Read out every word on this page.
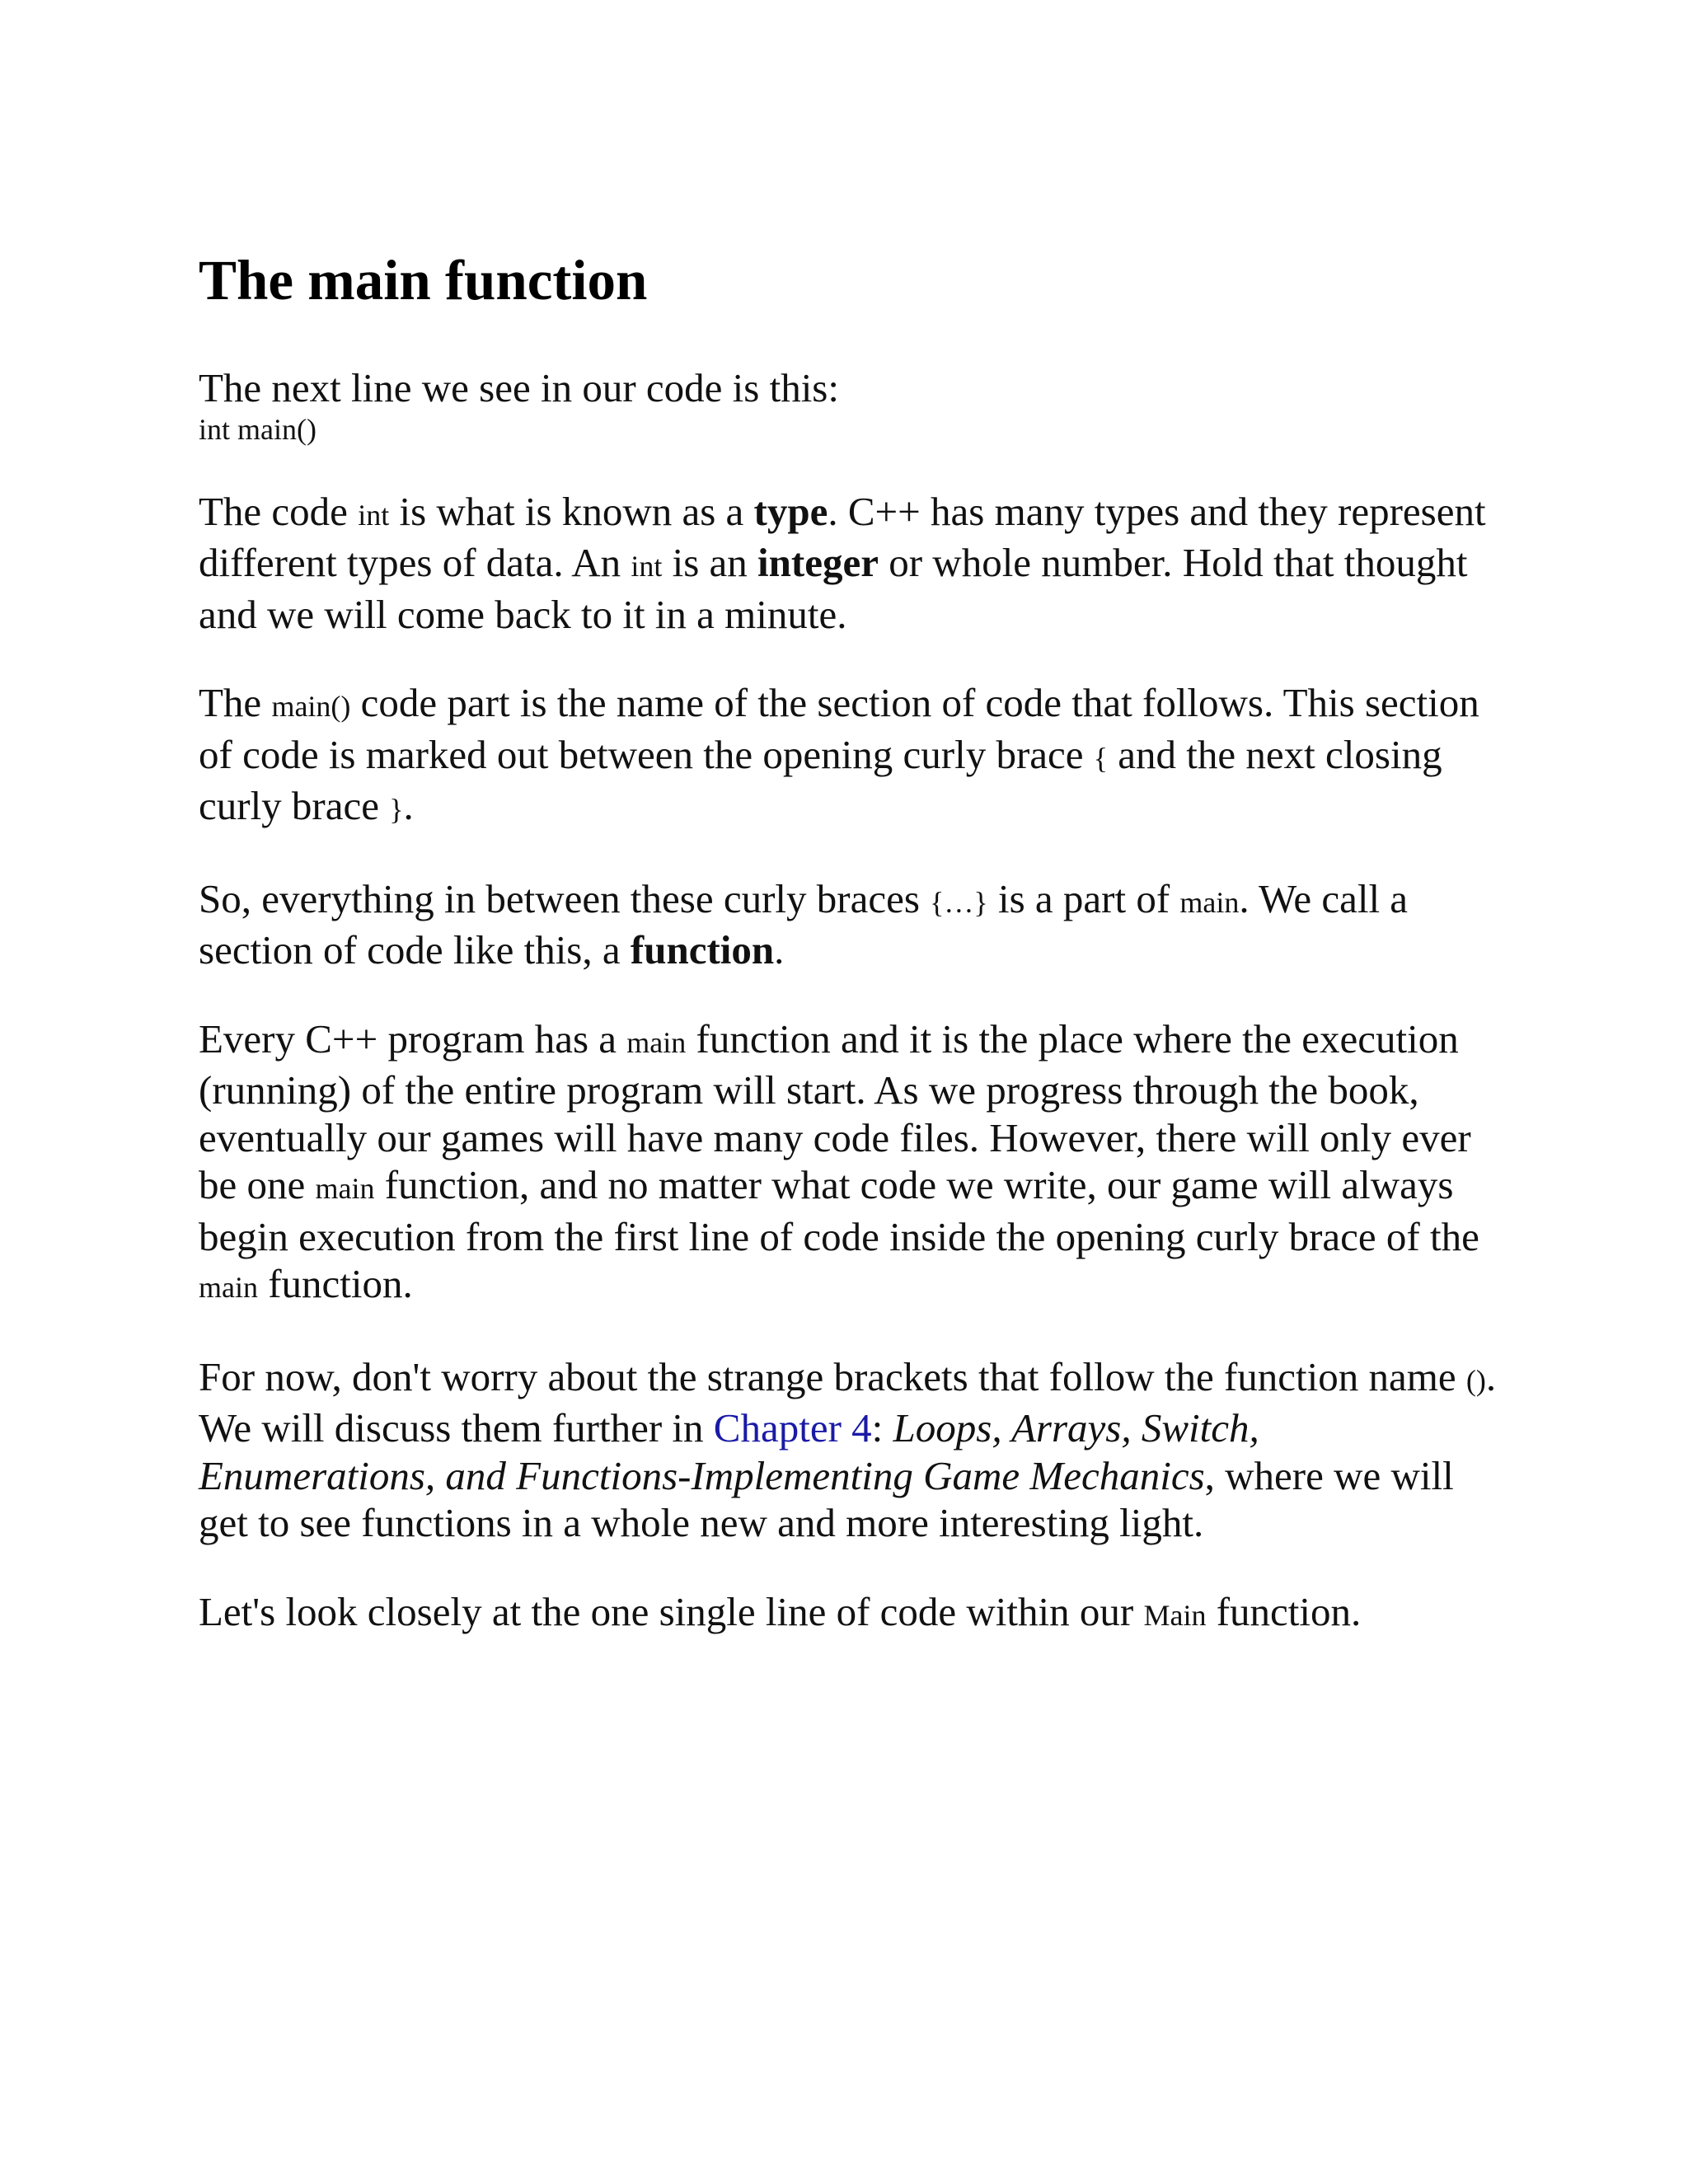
The main function

The next line we see in our code is this:

int main()

The code int is what is known as a type. C++ has many types and they represent different types of data. An int is an integer or whole number. Hold that thought and we will come back to it in a minute.

The main() code part is the name of the section of code that follows. This section of code is marked out between the opening curly brace { and the next closing curly brace }.

So, everything in between these curly braces {…} is a part of main. We call a section of code like this, a function.

Every C++ program has a main function and it is the place where the execution (running) of the entire program will start. As we progress through the book, eventually our games will have many code files. However, there will only ever be one main function, and no matter what code we write, our game will always begin execution from the first line of code inside the opening curly brace of the main function.

For now, don't worry about the strange brackets that follow the function name (). We will discuss them further in Chapter 4: Loops, Arrays, Switch, Enumerations, and Functions-Implementing Game Mechanics, where we will get to see functions in a whole new and more interesting light.

Let's look closely at the one single line of code within our Main function.
